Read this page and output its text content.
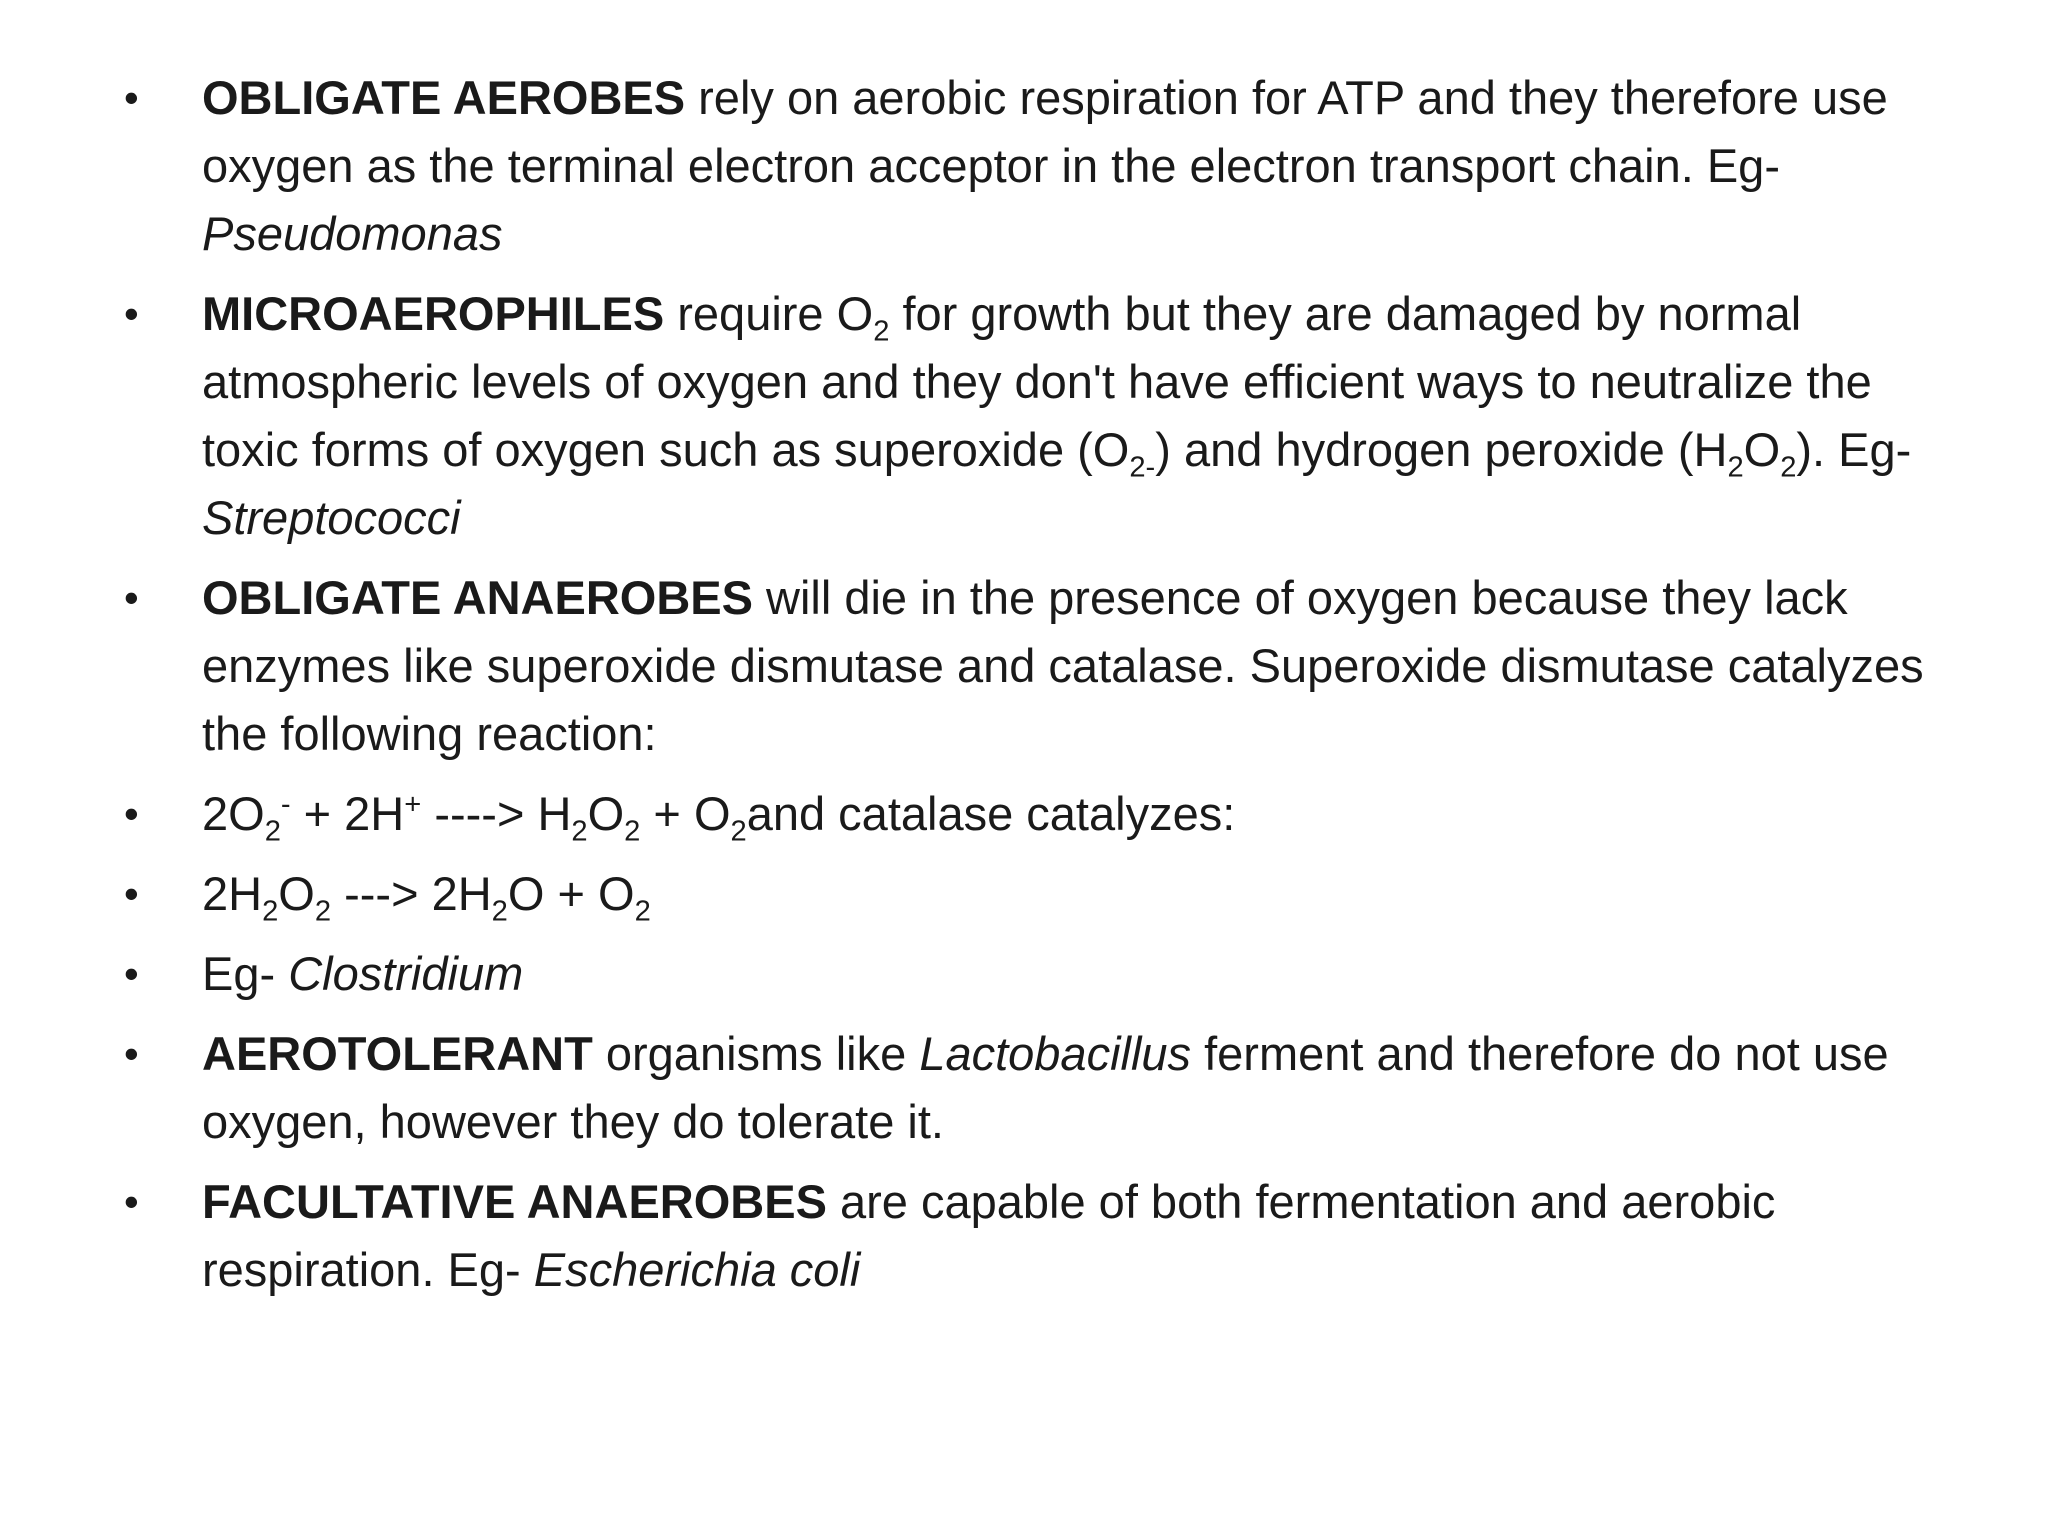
• OBLIGATE AEROBES rely on aerobic respiration for ATP and they therefore use oxygen as the terminal electron acceptor in the electron transport chain. Eg- Pseudomonas
• MICROAEROPHILES require $O_2$ for growth but they are damaged by normal atmospheric levels of oxygen and they don't have efficient ways to neutralize the toxic forms of oxygen such as superoxide $(O_{2-})$ and hydrogen peroxide $(H_2O_2)$. Eg- Streptococci
• OBLIGATE ANAEROBES will die in the presence of oxygen because they lack enzymes like superoxide dismutase and catalase. Superoxide dismutase catalyzes the following reaction:
• $2O_2^- + 2H^+$ ----> $H_2O_2 + O_2and$ catalase catalyzes:
• $2H_2O_2$ ---> $2H_2O + O_2$
• Eg- Clostridium
• AEROTOLERANT organisms like Lactobacillus ferment and therefore do not use oxygen, however they do tolerate it.
• FACULTATIVE ANAEROBES are capable of both fermentation and aerobic respiration. Eg- Escherichia coli
